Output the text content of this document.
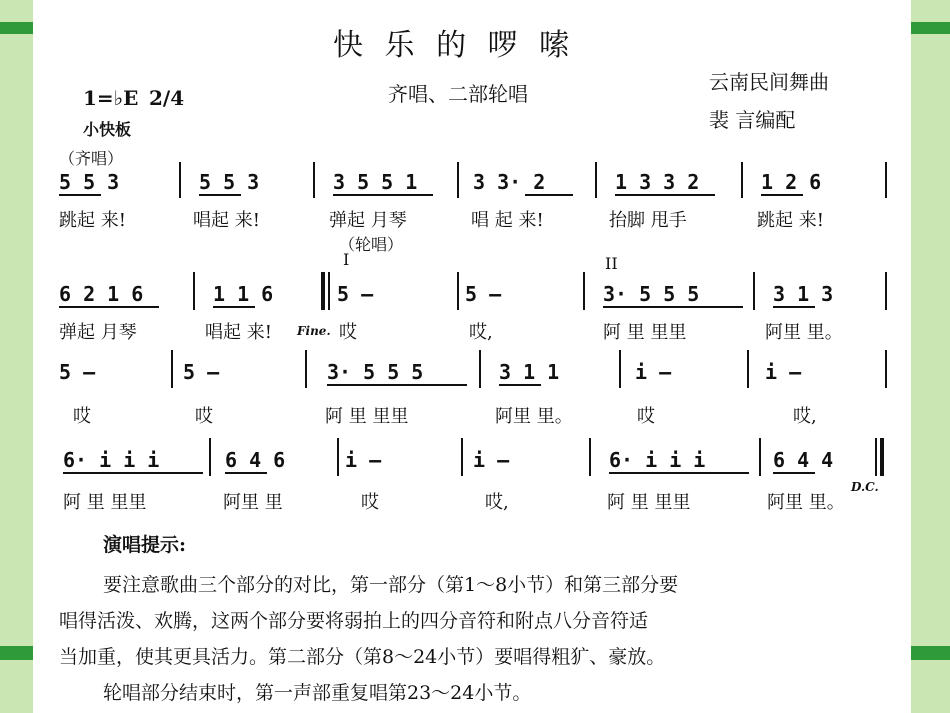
快 乐 的 啰 嗦
1=♭E 2/4
小快板
齐唱、二部轮唱	云南民间舞曲
裴 言编配
（齐唱）
5 5 3	5 5 3	3 5 5 1	3 3· 2	1 3 3 2	1 2 6
跳起 来!	唱起 来!	弹起 月琴	唱 起 来!	抬脚 甩手	跳起 来!
（轮唱）
I	II
6 2 1 6	1 1 6	5 –	5 –	3· 5 5 5	3 1 3
弹起 月琴	唱起 来! Fine. 哎	哎,	阿 里 里里	阿里 里。
5 –	5 –	3· 5 5 5	3 1 1	i –	i –
哎	哎	阿 里 里里	阿里 里。	哎	哎,
6· i i i	6 4 6	i –	i –	6· i i i	6 4 4
阿 里 里里	阿里 里	哎	哎,	阿 里 里里	阿里 里。
D.C.
演唱提示:
要注意歌曲三个部分的对比，第一部分（第1～8小节）和第三部分要
唱得活泼、欢腾，这两个部分要将弱拍上的四分音符和附点八分音符适
当加重，使其更具活力。第二部分（第8～24小节）要唱得粗犷、豪放。
轮唱部分结束时，第一声部重复唱第23～24小节。
